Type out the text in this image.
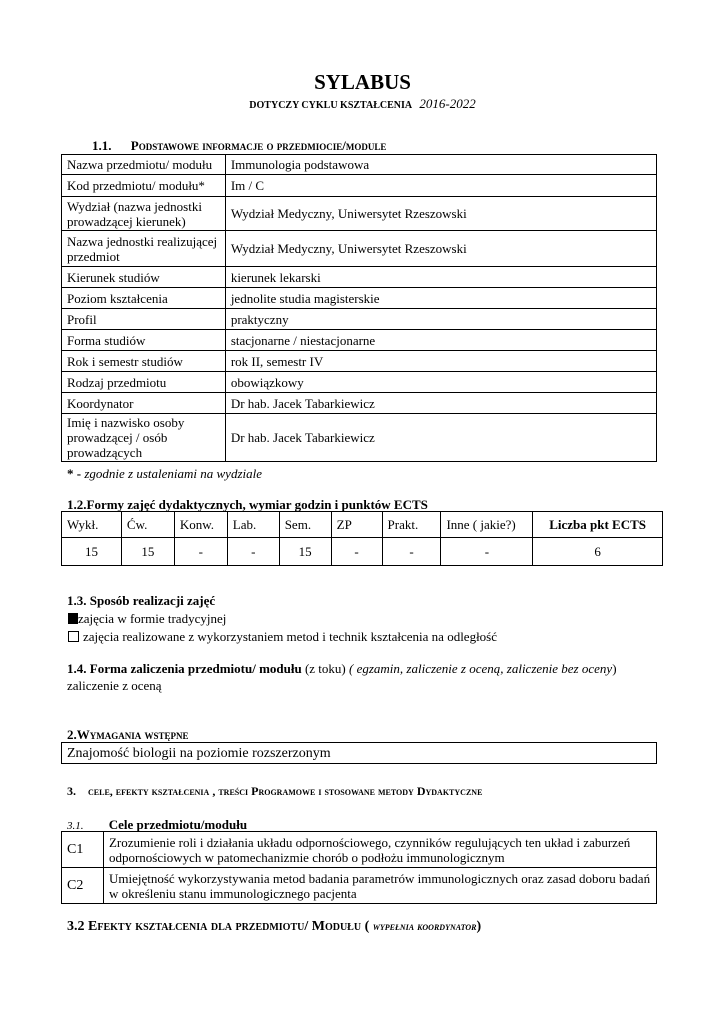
SYLABUS
DOTYCZY CYKLU KSZTAŁCENIA 2016-2022
1.1. Podstawowe informacje o przedmiocie/module
Nazwa przedmiotu/ modułu	Immunologia podstawowa
Kod przedmiotu/ modułu*	Im / C
Wydział (nazwa jednostki prowadzącej kierunek)	Wydział Medyczny, Uniwersytet Rzeszowski
Nazwa jednostki realizującej przedmiot	Wydział Medyczny, Uniwersytet Rzeszowski
Kierunek studiów	kierunek lekarski
Poziom kształcenia	jednolite studia magisterskie
Profil	praktyczny
Forma studiów	stacjonarne / niestacjonarne
Rok i semestr studiów	rok II, semestr IV
Rodzaj przedmiotu	obowiązkowy
Koordynator	Dr hab. Jacek Tabarkiewicz
Imię i nazwisko osoby prowadzącej / osób prowadzących	Dr hab. Jacek Tabarkiewicz
* - zgodnie z ustaleniami na wydziale
1.2.Formy zajęć dydaktycznych, wymiar godzin i punktów ECTS
Wykł.	Ćw.	Konw.	Lab.	Sem.	ZP	Prakt.	Inne ( jakie?)	Liczba pkt ECTS
15	15	-	-	15	-	-	-	6
1.3. Sposób realizacji zajęć
zajęcia w formie tradycyjnej
zajęcia realizowane z wykorzystaniem metod i technik kształcenia na odległość
1.4. Forma zaliczenia przedmiotu/ modułu (z toku) ( egzamin, zaliczenie z oceną, zaliczenie bez oceny)
zaliczenie z oceną
2.Wymagania wstępne
Znajomość biologii na poziomie rozszerzonym
3.    cele, efekty kształcenia , treści Programowe i stosowane metody Dydaktyczne
3.1. Cele przedmiotu/modułu
C1	Zrozumienie roli i działania układu odpornościowego, czynników regulujących ten układ i zaburzeń odpornościowych w patomechanizmie chorób o podłożu immunologicznym
C2	Umiejętność wykorzystywania metod badania parametrów immunologicznych oraz zasad doboru badań w określeniu stanu immunologicznego pacjenta
3.2 Efekty kształcenia dla przedmiotu/ Modułu ( wypełnia koordynator)
